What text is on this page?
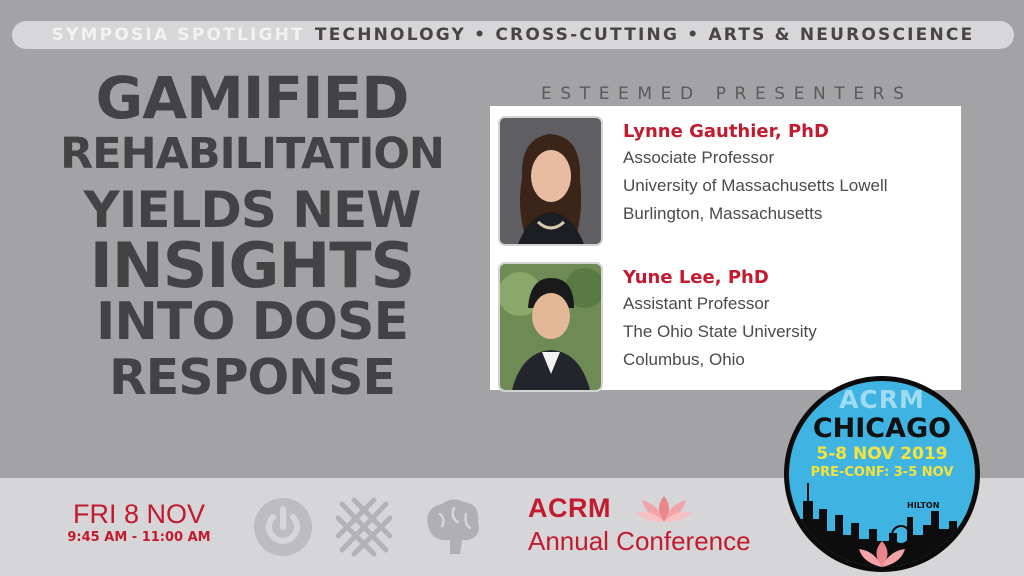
SYMPOSIA SPOTLIGHT TECHNOLOGY • CROSS-CUTTING • ARTS & NEUROSCIENCE
GAMIFIED
REHABILITATION
YIELDS NEW
INSIGHTS
INTO DOSE
RESPONSE
ESTEEMED PRESENTERS
Lynne Gauthier, PhD
Associate Professor
University of Massachusetts Lowell
Burlington, Massachusetts
Yune Lee, PhD
Assistant Professor
The Ohio State University
Columbus, Ohio
FRI 8 NOV
9:45 AM - 11:00 AM
ACRM
Annual Conference
ACRM
CHICAGO
5-8 NOV 2019
PRE-CONF: 3-5 NOV
HILTON
